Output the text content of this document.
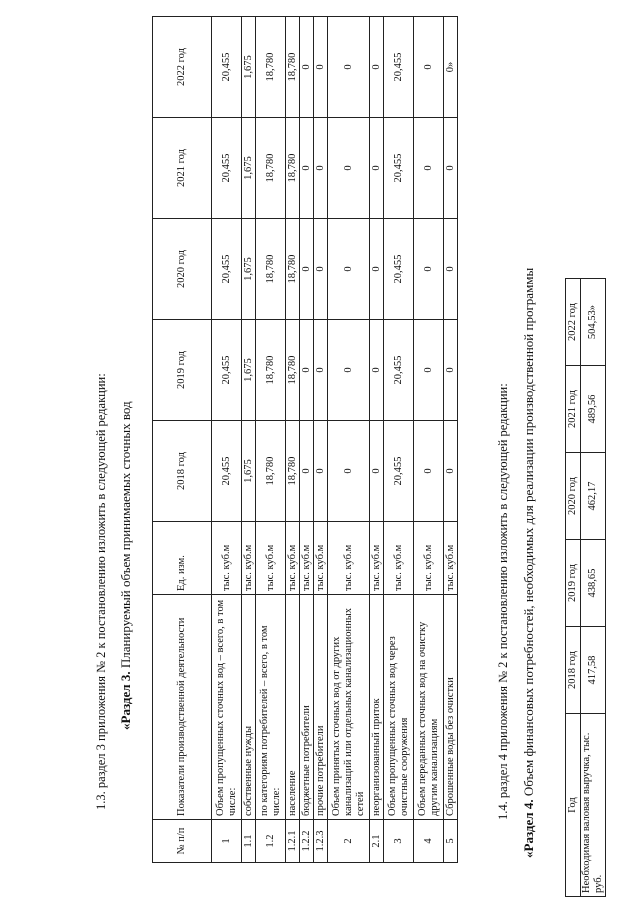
1.3. раздел 3 приложения № 2 к постановлению изложить в следующей редакции: «Раздел 3. Планируемый объем принимаемых сточных вод
№ п/п	Показатели производственной деятельности	Ед. изм.	2018 год	2019 год	2020 год	2021 год	2022 год
1	Объем пропущенных сточных вод – всего, в том числе:	тыс. куб.м	20,455	20,455	20,455	20,455	20,455
1.1	собственные нужды	тыс. куб.м	1,675	1,675	1,675	1,675	1,675
1.2	по категориям потребителей – всего, в том числе:	тыс. куб.м	18,780	18,780	18,780	18,780	18,780
1.2.1	население	тыс. куб.м	18,780	18,780	18,780	18,780	18,780
1.2.2	бюджетные потребители	тыс. куб.м	0	0	0	0	0
1.2.3	прочие потребители	тыс. куб.м	0	0	0	0	0
2	Объем принятых сточных вод от других канализаций или отдельных канализационных сетей	тыс. куб.м	0	0	0	0	0
2.1	неорганизованный приток	тыс. куб.м	0	0	0	0	0
3	Объем пропущенных сточных вод через очистные сооружения	тыс. куб.м	20,455	20,455	20,455	20,455	20,455
4	Объем переданных сточных вод на очистку другим канализациям	тыс. куб.м	0	0	0	0	0
5	Сброшенные воды без очистки	тыс. куб.м	0	0	0	0	0»
1.4. раздел 4 приложения № 2 к постановлению изложить в следующей редакции:
«Раздел 4. Объем финансовых потребностей, необходимых для реализации производственной программы
Год	2018 год	2019 год	2020 год	2021 год	2022 год
Необходимая валовая выручка, тыс. руб.	417,58	438,65	462,17	489,56	504,53»
